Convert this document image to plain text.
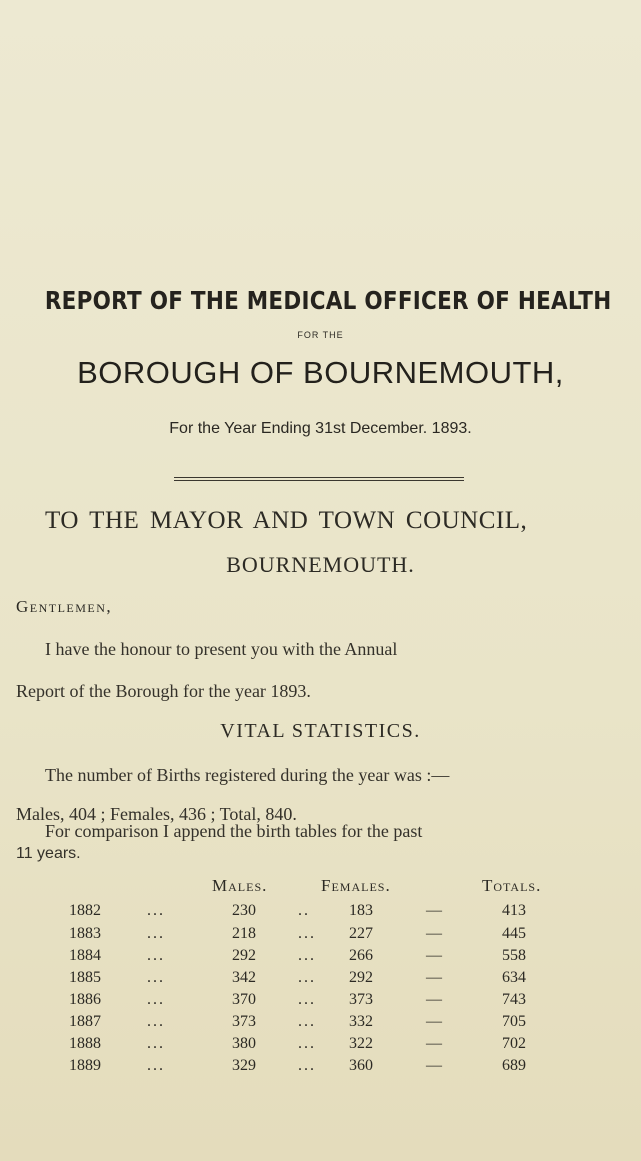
REPORT OF THE MEDICAL OFFICER OF HEALTH
FOR THE
BOROUGH OF BOURNEMOUTH,
For the Year Ending 31st December. 1893.
TO THE MAYOR AND TOWN COUNCIL,
BOURNEMOUTH.
Gentlemen,
I have the honour to present you with the Annual
Report of the Borough for the year 1893.
VITAL STATISTICS.
The number of Births registered during the year was :—
Males, 404 ; Females, 436 ; Total, 840.
For comparison I append the birth tables for the past
11 years.
Males.	Females.	Totals.
1882	...	230	.. 183	—	413
1883	...	218	... 227	—	445
1884	...	292	... 266	—	558
1885	...	342	... 292	—	634
1886	...	370	... 373	—	743
1887	...	373	... 332	—	705
1888	...	380	... 322	—	702
1889	...	329	... 360	—	689
